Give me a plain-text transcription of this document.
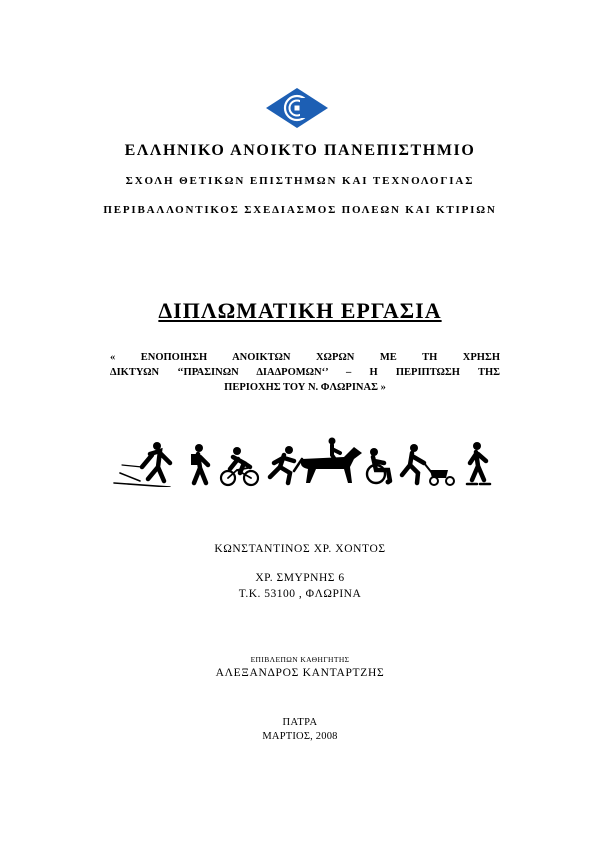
ΕΛΛΗΝΙΚΟ ΑΝΟΙΚΤΟ ΠΑΝΕΠΙΣΤΗΜΙΟ
ΣΧΟΛΗ ΘΕΤΙΚΩΝ ΕΠΙΣΤΗΜΩΝ ΚΑΙ ΤΕΧΝΟΛΟΓΙΑΣ
ΠΕΡΙΒΑΛΛΟΝΤΙΚΟΣ ΣΧΕΔΙΑΣΜΟΣ ΠΟΛΕΩΝ ΚΑΙ ΚΤΙΡΙΩΝ
ΔΙΠΛΩΜΑΤΙΚΗ ΕΡΓΑΣΙΑ
« ΕΝΟΠΟΙΗΣΗ ΑΝΟΙΚΤΩΝ ΧΩΡΩΝ ΜΕ ΤΗ ΧΡΗΣΗ
ΔΙΚΤΥΩΝ ‘‘ΠΡΑΣΙΝΩΝ ΔΙΑΔΡΟΜΩΝ‘’ – Η ΠΕΡΙΠΤΩΣΗ ΤΗΣ
ΠΕΡΙΟΧΗΣ ΤΟΥ Ν. ΦΛΩΡΙΝΑΣ »
ΚΩΝΣΤΑΝΤΙΝΟΣ ΧΡ. ΧΟΝΤΟΣ
ΧΡ. ΣΜΥΡΝΗΣ 6
Τ.Κ. 53100 , ΦΛΩΡΙΝΑ
ΕΠΙΒΛΕΠΩΝ ΚΑΘΗΓΗΤΗΣ
ΑΛΕΞΑΝΔΡΟΣ ΚΑΝΤΑΡΤΖΗΣ
ΠΑΤΡΑ
ΜΑΡΤΙΟΣ, 2008
